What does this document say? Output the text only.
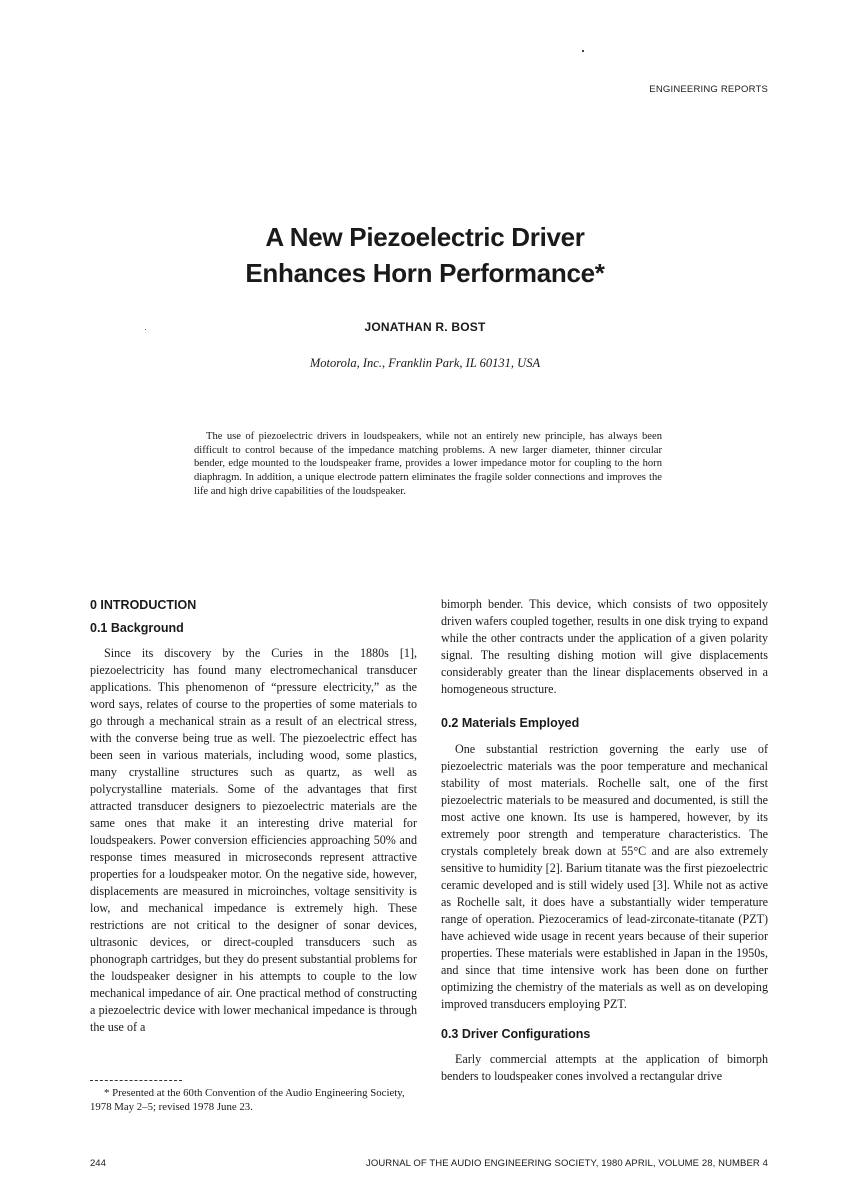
ENGINEERING REPORTS
A New Piezoelectric Driver
Enhances Horn Performance*
JONATHAN R. BOST
Motorola, Inc., Franklin Park, IL 60131, USA

The use of piezoelectric drivers in loudspeakers, while not an entirely new principle, has always been difficult to control because of the impedance matching problems. A new larger diameter, thinner circular bender, edge mounted to the loudspeaker frame, provides a lower impedance motor for coupling to the horn diaphragm. In addition, a unique electrode pattern eliminates the fragile solder connections and improves the life and high drive capabilities of the loudspeaker.

0 INTRODUCTION
0.1 Background

Since its discovery by the Curies in the 1880s [1], piezoelectricity has found many electromechanical transducer applications. This phenomenon of “pressure electricity,” as the word says, relates of course to the properties of some materials to go through a mechanical strain as a result of an electrical stress, with the converse being true as well. The piezoelectric effect has been seen in various materials, including wood, some plastics, many crystalline structures such as quartz, as well as polycrystalline materials. Some of the advantages that first attracted transducer designers to piezoelectric materials are the same ones that make it an interesting drive material for loudspeakers. Power conversion efficiencies approaching 50% and response times measured in microseconds represent attractive properties for a loudspeaker motor. On the negative side, however, displacements are measured in microinches, voltage sensitivity is low, and mechanical impedance is extremely high. These restrictions are not critical to the designer of sonar devices, ultrasonic devices, or direct-coupled transducers such as phonograph cartridges, but they do present substantial problems for the loudspeaker designer in his attempts to couple to the low mechanical impedance of air. One practical method of constructing a piezoelectric device with lower mechanical impedance is through the use of a

bimorph bender. This device, which consists of two oppositely driven wafers coupled together, results in one disk trying to expand while the other contracts under the application of a given polarity signal. The resulting dishing motion will give displacements considerably greater than the linear displacements observed in a homogeneous structure.

0.2 Materials Employed

One substantial restriction governing the early use of piezoelectric materials was the poor temperature and mechanical stability of most materials. Rochelle salt, one of the first piezoelectric materials to be measured and documented, is still the most active one known. Its use is hampered, however, by its extremely poor strength and temperature characteristics. The crystals completely break down at 55°C and are also extremely sensitive to humidity [2]. Barium titanate was the first piezoelectric ceramic developed and is still widely used [3]. While not as active as Rochelle salt, it does have a substantially wider temperature range of operation. Piezoceramics of lead-zirconate-titanate (PZT) have achieved wide usage in recent years because of their superior properties. These materials were established in Japan in the 1950s, and since that time intensive work has been done on further optimizing the chemistry of the materials as well as on developing improved transducers employing PZT.

0.3 Driver Configurations

Early commercial attempts at the application of bimorph benders to loudspeaker cones involved a rectangular drive

* Presented at the 60th Convention of the Audio Engineering Society, 1978 May 2–5; revised 1978 June 23.

244	JOURNAL OF THE AUDIO ENGINEERING SOCIETY, 1980 APRIL, VOLUME 28, NUMBER 4
